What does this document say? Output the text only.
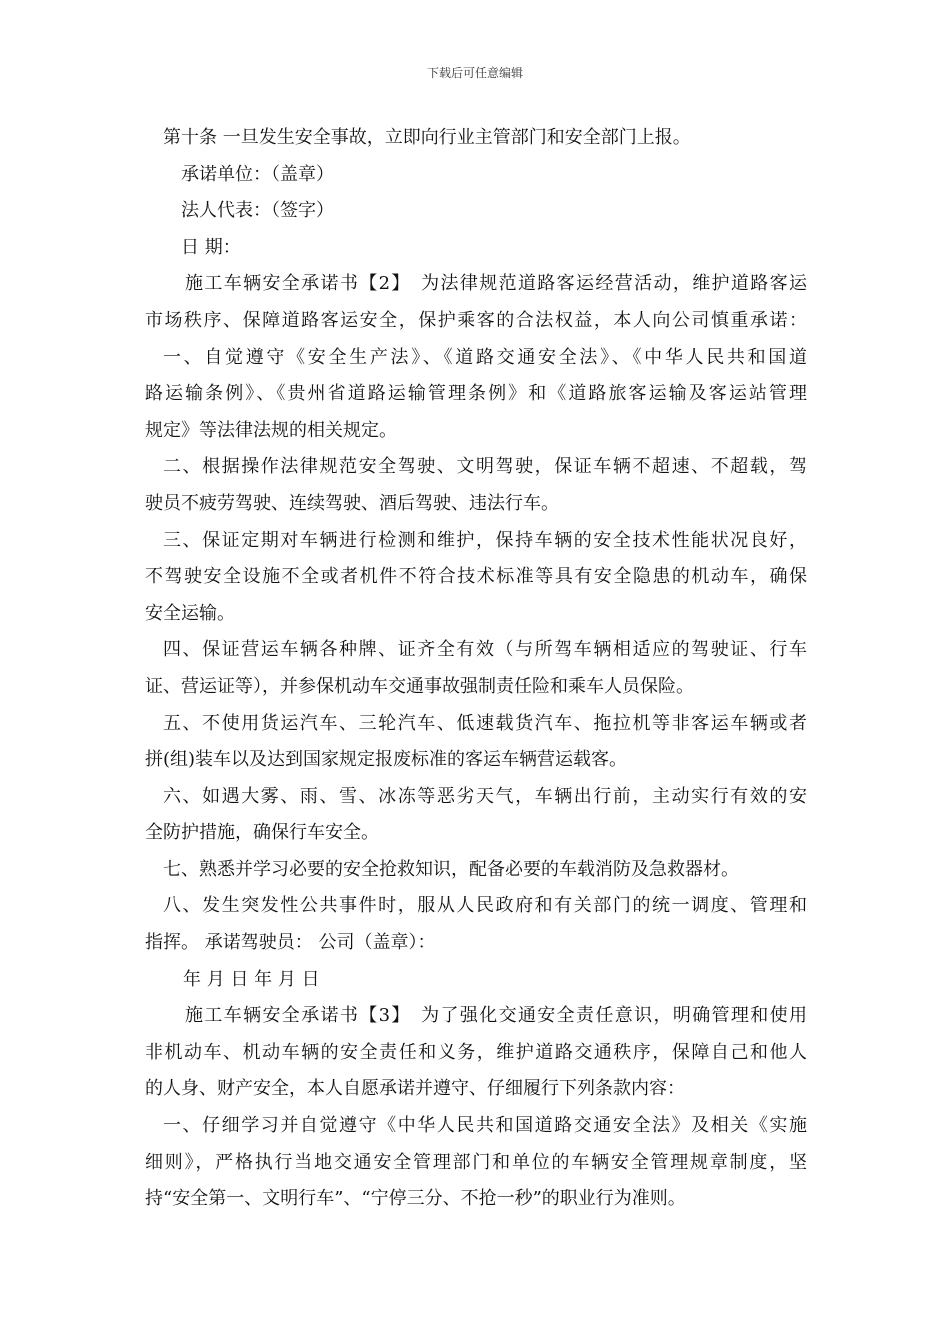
下载后可任意编辑
第十条 一旦发生安全事故，立即向行业主管部门和安全部门上报。
承诺单位：（盖章）
法人代表：（签字）
日 期：
施工车辆安全承诺书【2】　为法律规范道路客运经营活动，维护道路客运
市场秩序、保障道路客运安全，保护乘客的合法权益，本人向公司慎重承诺：
一、自觉遵守《安全生产法》、《道路交通安全法》、《中华人民共和国道
路运输条例》、《贵州省道路运输管理条例》和《道路旅客运输及客运站管理
规定》等法律法规的相关规定。
二、根据操作法律规范安全驾驶、文明驾驶，保证车辆不超速、不超载，驾
驶员不疲劳驾驶、连续驾驶、酒后驾驶、违法行车。
三、保证定期对车辆进行检测和维护，保持车辆的安全技术性能状况良好，
不驾驶安全设施不全或者机件不符合技术标准等具有安全隐患的机动车，确保
安全运输。
四、保证营运车辆各种牌、证齐全有效（与所驾车辆相适应的驾驶证、行车
证、营运证等），并参保机动车交通事故强制责任险和乘车人员保险。
五、不使用货运汽车、三轮汽车、低速载货汽车、拖拉机等非客运车辆或者
拼(组)装车以及达到国家规定报废标准的客运车辆营运载客。
六、如遇大雾、雨、雪、冰冻等恶劣天气，车辆出行前，主动实行有效的安
全防护措施，确保行车安全。
七、熟悉并学习必要的安全抢救知识，配备必要的车载消防及急救器材。
八、发生突发性公共事件时，服从人民政府和有关部门的统一调度、管理和
指挥。 承诺驾驶员： 公司（盖章）：
年 月 日 年 月 日
施工车辆安全承诺书【3】　为了强化交通安全责任意识，明确管理和使用
非机动车、机动车辆的安全责任和义务，维护道路交通秩序，保障自己和他人
的人身、财产安全，本人自愿承诺并遵守、仔细履行下列条款内容：
一、仔细学习并自觉遵守《中华人民共和国道路交通安全法》及相关《实施
细则》，严格执行当地交通安全管理部门和单位的车辆安全管理规章制度，坚
持“安全第一、文明行车”、“宁停三分、不抢一秒”的职业行为准则。
